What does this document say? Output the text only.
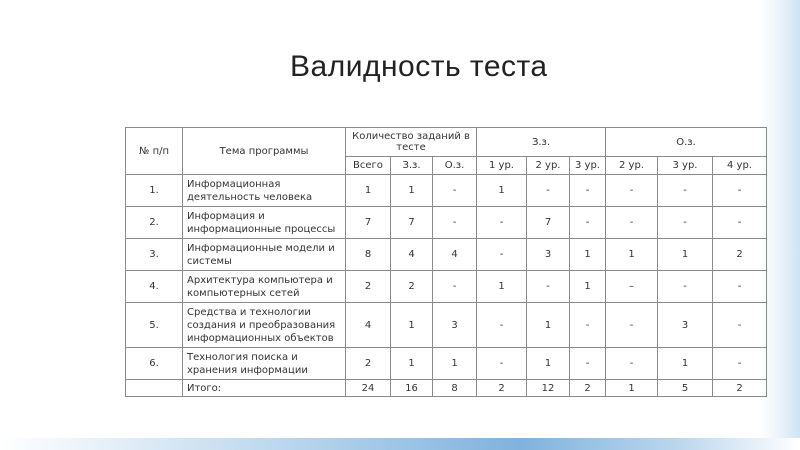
Валидность теста
№ п/п	Тема программы	Количество заданий в тесте			З.з.			О.з.		
		Всего	З.з.	О.з.	1 ур.	2 ур.	3 ур.	2 ур.	3 ур.	4 ур.
1.	Информационная деятельность человека	1	1	-	1	-	-	-	-	-
2.	Информация и информационные процессы	7	7	-	-	7	-	-	-	-
3.	Информационные модели и системы	8	4	4	-	3	1	1	1	2
4.	Архитектура компьютера и компьютерных сетей	2	2	-	1	-	1	–	-	-
5.	Средства и технологии создания и преобразования информационных объектов	4	1	3	-	1	-	-	3	-
6.	Технология поиска и хранения информации	2	1	1	-	1	-	-	1	-
	Итого:	24	16	8	2	12	2	1	5	2
